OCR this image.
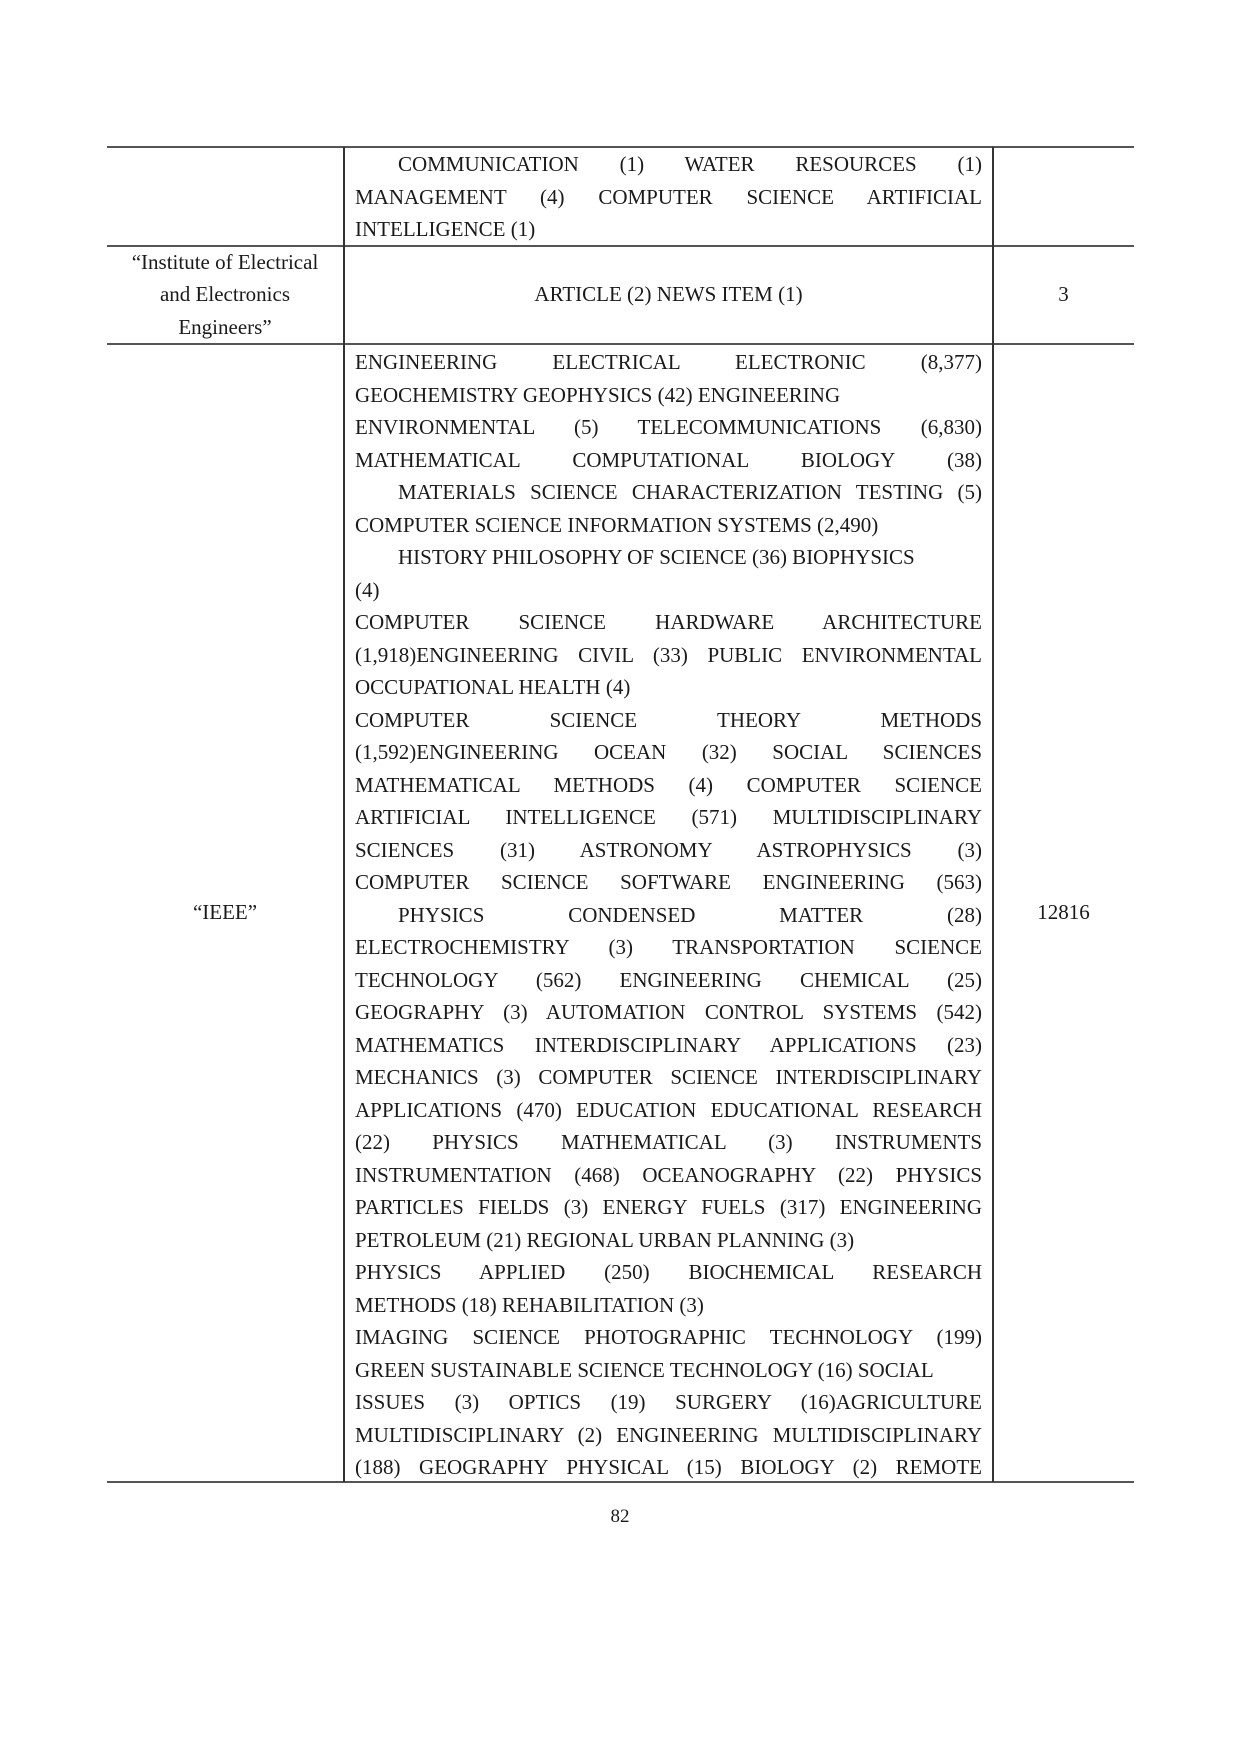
COMMUNICATION (1) WATER RESOURCES (1)
MANAGEMENT (4) COMPUTER SCIENCE ARTIFICIAL
INTELLIGENCE (1)
“Institute of Electrical and Electronics Engineers”
ARTICLE (2) NEWS ITEM (1)	3
“IEEE”
ENGINEERING ELECTRICAL ELECTRONIC (8,377)
GEOCHEMISTRY GEOPHYSICS (42) ENGINEERING
ENVIRONMENTAL (5) TELECOMMUNICATIONS (6,830)
MATHEMATICAL COMPUTATIONAL BIOLOGY (38)
MATERIALS SCIENCE CHARACTERIZATION TESTING (5)
COMPUTER SCIENCE INFORMATION SYSTEMS (2,490)
HISTORY PHILOSOPHY OF SCIENCE (36) BIOPHYSICS
(4)
COMPUTER SCIENCE HARDWARE ARCHITECTURE
(1,918)ENGINEERING CIVIL (33) PUBLIC ENVIRONMENTAL
OCCUPATIONAL HEALTH (4)
COMPUTER SCIENCE THEORY METHODS
(1,592)ENGINEERING OCEAN (32) SOCIAL SCIENCES
MATHEMATICAL METHODS (4) COMPUTER SCIENCE
ARTIFICIAL INTELLIGENCE (571) MULTIDISCIPLINARY
SCIENCES (31) ASTRONOMY ASTROPHYSICS (3)
COMPUTER SCIENCE SOFTWARE ENGINEERING (563)
PHYSICS CONDENSED MATTER (28)
ELECTROCHEMISTRY (3) TRANSPORTATION SCIENCE
TECHNOLOGY (562) ENGINEERING CHEMICAL (25)
GEOGRAPHY (3) AUTOMATION CONTROL SYSTEMS (542)
MATHEMATICS INTERDISCIPLINARY APPLICATIONS (23)
MECHANICS (3) COMPUTER SCIENCE INTERDISCIPLINARY
APPLICATIONS (470) EDUCATION EDUCATIONAL RESEARCH
(22) PHYSICS MATHEMATICAL (3) INSTRUMENTS
INSTRUMENTATION (468) OCEANOGRAPHY (22) PHYSICS
PARTICLES FIELDS (3) ENERGY FUELS (317) ENGINEERING
PETROLEUM (21) REGIONAL URBAN PLANNING (3)
PHYSICS APPLIED (250) BIOCHEMICAL RESEARCH
METHODS (18) REHABILITATION (3)
IMAGING SCIENCE PHOTOGRAPHIC TECHNOLOGY (199)
GREEN SUSTAINABLE SCIENCE TECHNOLOGY (16) SOCIAL
ISSUES (3) OPTICS (19) SURGERY (16)AGRICULTURE
MULTIDISCIPLINARY (2) ENGINEERING MULTIDISCIPLINARY
(188) GEOGRAPHY PHYSICAL (15) BIOLOGY (2) REMOTE
12816
82
